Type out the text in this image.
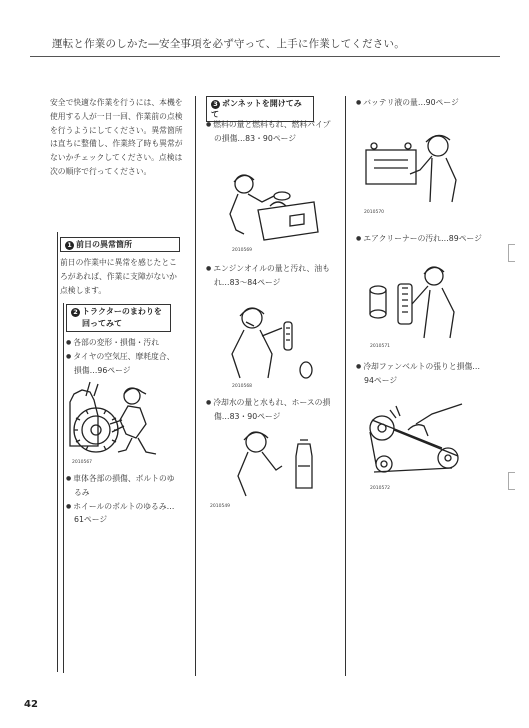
運転と作業のしかた―安全事項を必ず守って、上手に作業してください。

安全で快適な作業を行うには、本機を使用する人が一日一回、作業前の点検を行うようにしてください。異常箇所は直ちに整備し、作業終了時も異常がないかチェックしてください。点検は次の順序で行ってください。

1 前日の異常箇所

前日の作業中に異常を感じたところがあれば、作業に支障がないか点検します。

2 トラクターのまわりを
回ってみて

● 各部の変形・損傷・汚れ

● タイヤの空気圧、摩耗度合、損傷…96ページ

2010567

● 車体各部の損傷、ボルトのゆるみ

● ホイールのボルトのゆるみ…61ページ

3 ボンネットを開けてみて

● 燃料の量と燃料もれ、燃料パイプの損傷…83・90ページ

2010569

● エンジンオイルの量と汚れ、油もれ…83～84ページ

2010568

● 冷却水の量と水もれ、ホースの損傷…83・90ページ

2010549

● バッテリ液の量…90ページ

2010570

● エアクリーナーの汚れ…89ページ

2010571

● 冷却ファンベルトの張りと損傷…94ページ

2010572
42
